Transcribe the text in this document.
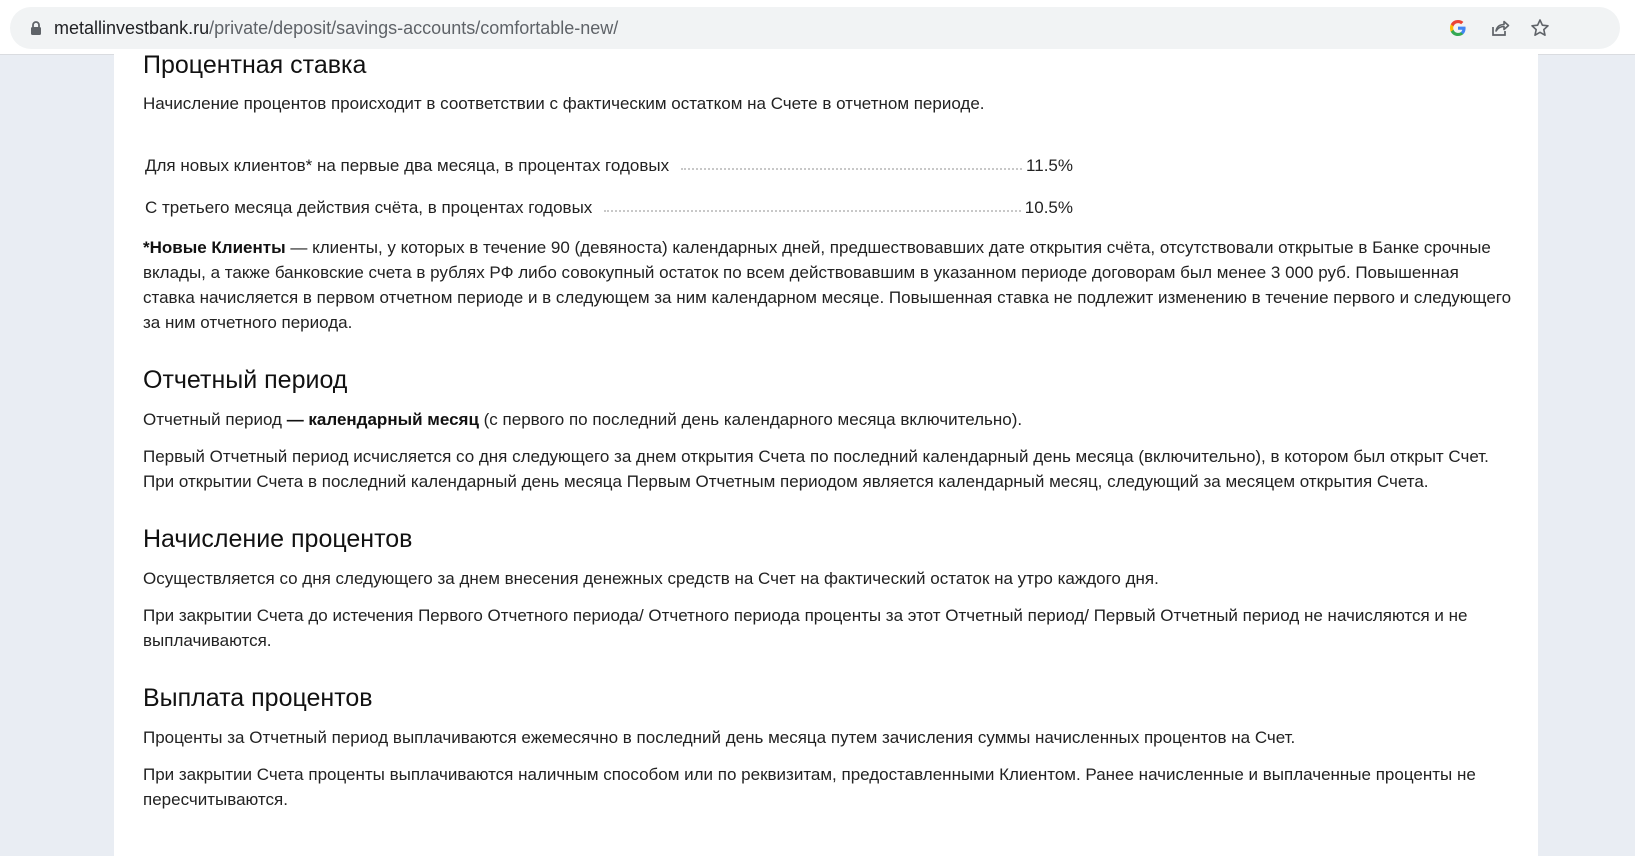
metallinvestbank.ru/private/deposit/savings-accounts/comfortable-new/
Процентная ставка

Начисление процентов происходит в соответствии с фактическим остатком на Счете в отчетном периоде.

Для новых клиентов* на первые два месяца, в процентах годовых	11.5%
С третьего месяца действия счёта, в процентах годовых	10.5%

*Новые Клиенты — клиенты, у которых в течение 90 (девяноста) календарных дней, предшествовавших дате открытия счёта, отсутствовали открытые в Банке срочные вклады, а также банковские счета в рублях РФ либо совокупный остаток по всем действовавшим в указанном периоде договорам был менее 3 000 руб. Повышенная ставка начисляется в первом отчетном периоде и в следующем за ним календарном месяце. Повышенная ставка не подлежит изменению в течение первого и следующего за ним отчетного периода.

Отчетный период

Отчетный период — календарный месяц (с первого по последний день календарного месяца включительно).

Первый Отчетный период исчисляется со дня следующего за днем открытия Счета по последний календарный день месяца (включительно), в котором был открыт Счет. При открытии Счета в последний календарный день месяца Первым Отчетным периодом является календарный месяц, следующий за месяцем открытия Счета.

Начисление процентов

Осуществляется со дня следующего за днем внесения денежных средств на Счет на фактический остаток на утро каждого дня.

При закрытии Счета до истечения Первого Отчетного периода/ Отчетного периода проценты за этот Отчетный период/ Первый Отчетный период не начисляются и не выплачиваются.

Выплата процентов

Проценты за Отчетный период выплачиваются ежемесячно в последний день месяца путем зачисления суммы начисленных процентов на Счет.

При закрытии Счета проценты выплачиваются наличным способом или по реквизитам, предоставленными Клиентом. Ранее начисленные и выплаченные проценты не пересчитываются.
